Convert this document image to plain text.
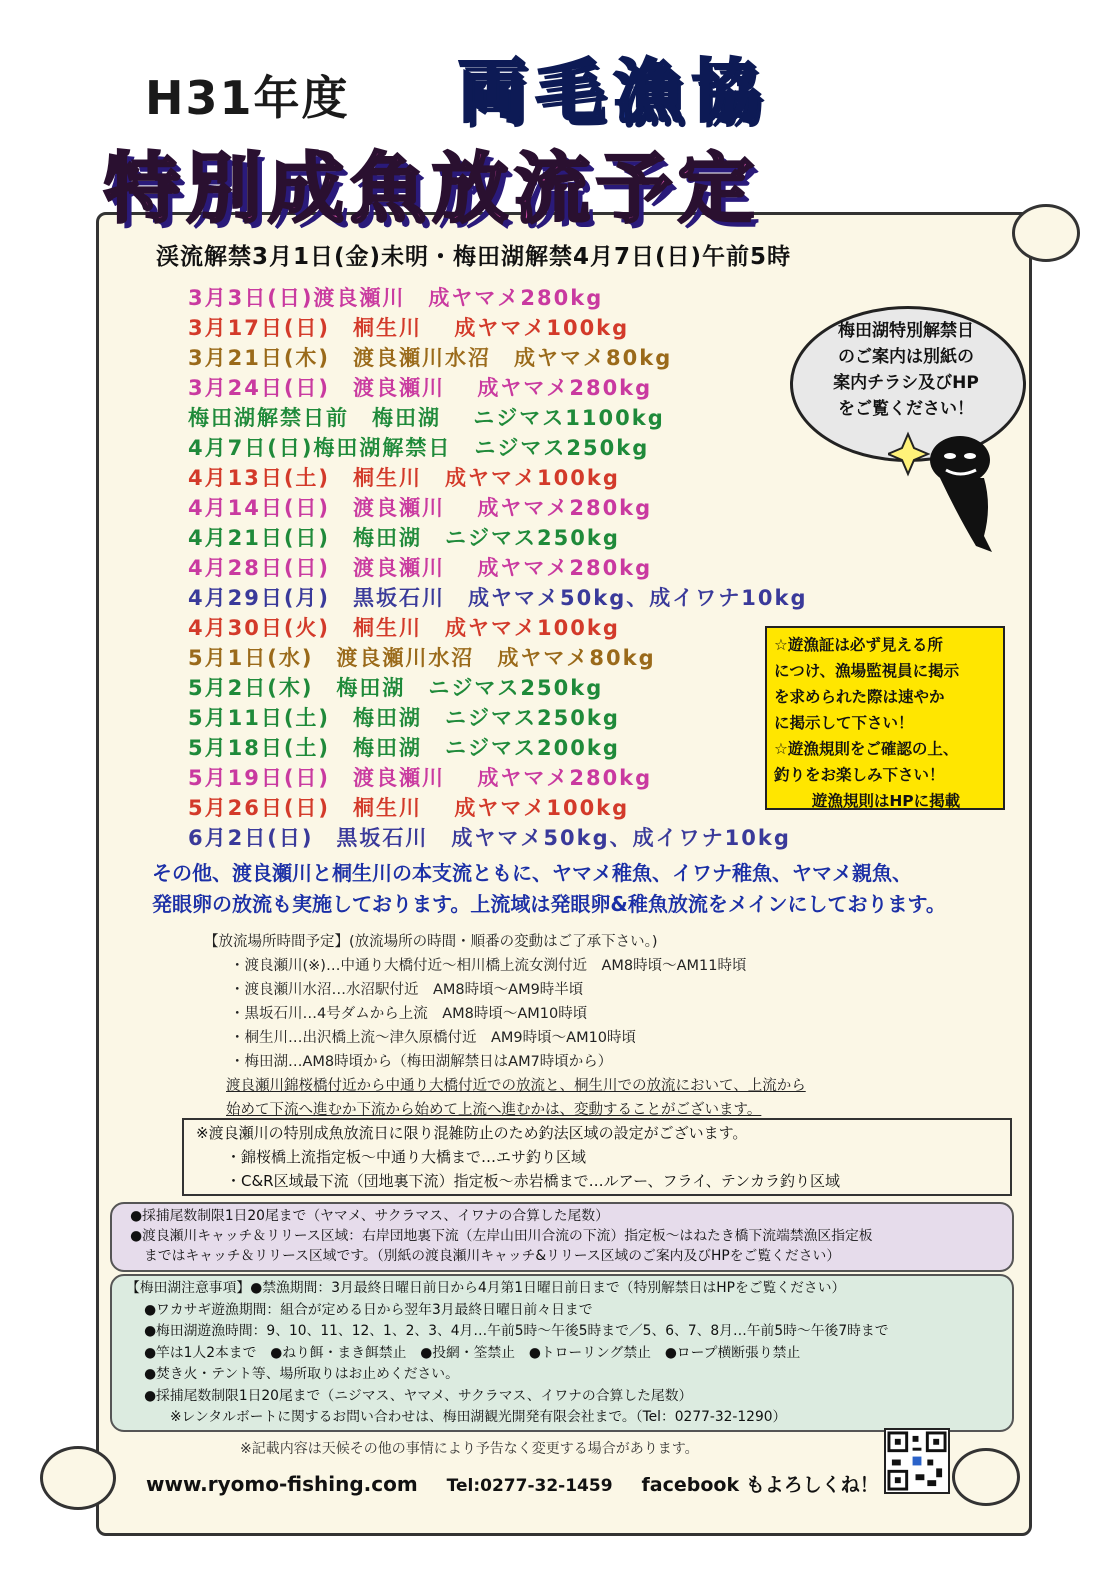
H31年度 両毛漁協
特別成魚放流予定
渓流解禁3月1日(金)未明・梅田湖解禁4月7日(日)午前5時
3月3日(日)渡良瀬川　成ヤマメ280kg
3月17日(日)　桐生川　 成ヤマメ100kg
3月21日(木)　渡良瀬川水沼　成ヤマメ80kg
3月24日(日)　渡良瀬川　 成ヤマメ280kg
梅田湖解禁日前　梅田湖　 ニジマス1100kg
4月7日(日)梅田湖解禁日　ニジマス250kg
4月13日(土)　桐生川　成ヤマメ100kg
4月14日(日)　渡良瀬川　 成ヤマメ280kg
4月21日(日)　梅田湖　ニジマス250kg
4月28日(日)　渡良瀬川　 成ヤマメ280kg
4月29日(月)　黒坂石川　成ヤマメ50kg、成イワナ10kg
4月30日(火)　桐生川　成ヤマメ100kg
5月1日(水)　渡良瀬川水沼　成ヤマメ80kg
5月2日(木)　梅田湖　ニジマス250kg
5月11日(土)　梅田湖　ニジマス250kg
5月18日(土)　梅田湖　ニジマス200kg
5月19日(日)　渡良瀬川　 成ヤマメ280kg
5月26日(日)　桐生川　 成ヤマメ100kg
6月2日(日)　黒坂石川　成ヤマメ50kg、成イワナ10kg
梅田湖特別解禁日
のご案内は別紙の
案内チラシ及びHP
をご覧ください！
☆遊漁証は必ず見える所
につけ、漁場監視員に掲示
を求められた際は速やか
に掲示して下さい！
☆遊漁規則をご確認の上、
釣りをお楽しみ下さい！
遊漁規則はHPに掲載
その他、渡良瀬川と桐生川の本支流ともに、ヤマメ稚魚、イワナ稚魚、ヤマメ親魚、
発眼卵の放流も実施しております。上流域は発眼卵&稚魚放流をメインにしております。
【放流場所時間予定】(放流場所の時間・順番の変動はご了承下さい。)
・渡良瀬川(※)…中通り大橋付近～相川橋上流女渕付近　AM8時頃～AM11時頃
・渡良瀬川水沼…水沼駅付近　AM8時頃～AM9時半頃
・黒坂石川…4号ダムから上流　AM8時頃～AM10時頃
・桐生川…出沢橋上流～津久原橋付近　AM9時頃～AM10時頃
・梅田湖…AM8時頃から（梅田湖解禁日はAM7時頃から）
渡良瀬川錦桜橋付近から中通り大橋付近での放流と、桐生川での放流において、上流から
始めて下流へ進むか下流から始めて上流へ進むかは、変動することがございます。
※渡良瀬川の特別成魚放流日に限り混雑防止のため釣法区域の設定がございます。
・錦桜橋上流指定板～中通り大橋まで…エサ釣り区域
・C&R区域最下流（団地裏下流）指定板～赤岩橋まで…ルアー、フライ、テンカラ釣り区域
●採捕尾数制限1日20尾まで（ヤマメ、サクラマス、イワナの合算した尾数）
●渡良瀬川キャッチ＆リリース区域：右岸団地裏下流（左岸山田川合流の下流）指定板～はねたき橋下流端禁漁区指定板
まではキャッチ＆リリース区域です。（別紙の渡良瀬川キャッチ&リリース区域のご案内及びHPをご覧ください）
【梅田湖注意事項】●禁漁期間：3月最終日曜日前日から4月第1日曜日前日まで（特別解禁日はHPをご覧ください）
●ワカサギ遊漁期間：組合が定める日から翌年3月最終日曜日前々日まで
●梅田湖遊漁時間：9、10、11、12、1、2、3、4月…午前5時～午後5時まで／5、6、7、8月…午前5時～午後7時まで
●竿は1人2本まで　●ねり餌・まき餌禁止　●投網・筌禁止　●トローリング禁止　●ロープ横断張り禁止
●焚き火・テント等、場所取りはお止めください。
●採捕尾数制限1日20尾まで（ニジマス、ヤマメ、サクラマス、イワナの合算した尾数）
※レンタルボートに関するお問い合わせは、梅田湖観光開発有限会社まで。（Tel：0277-32-1290）
※記載内容は天候その他の事情により予告なく変更する場合があります。
www.ryomo-fishing.com Tel:0277-32-1459 facebook もよろしくね！
